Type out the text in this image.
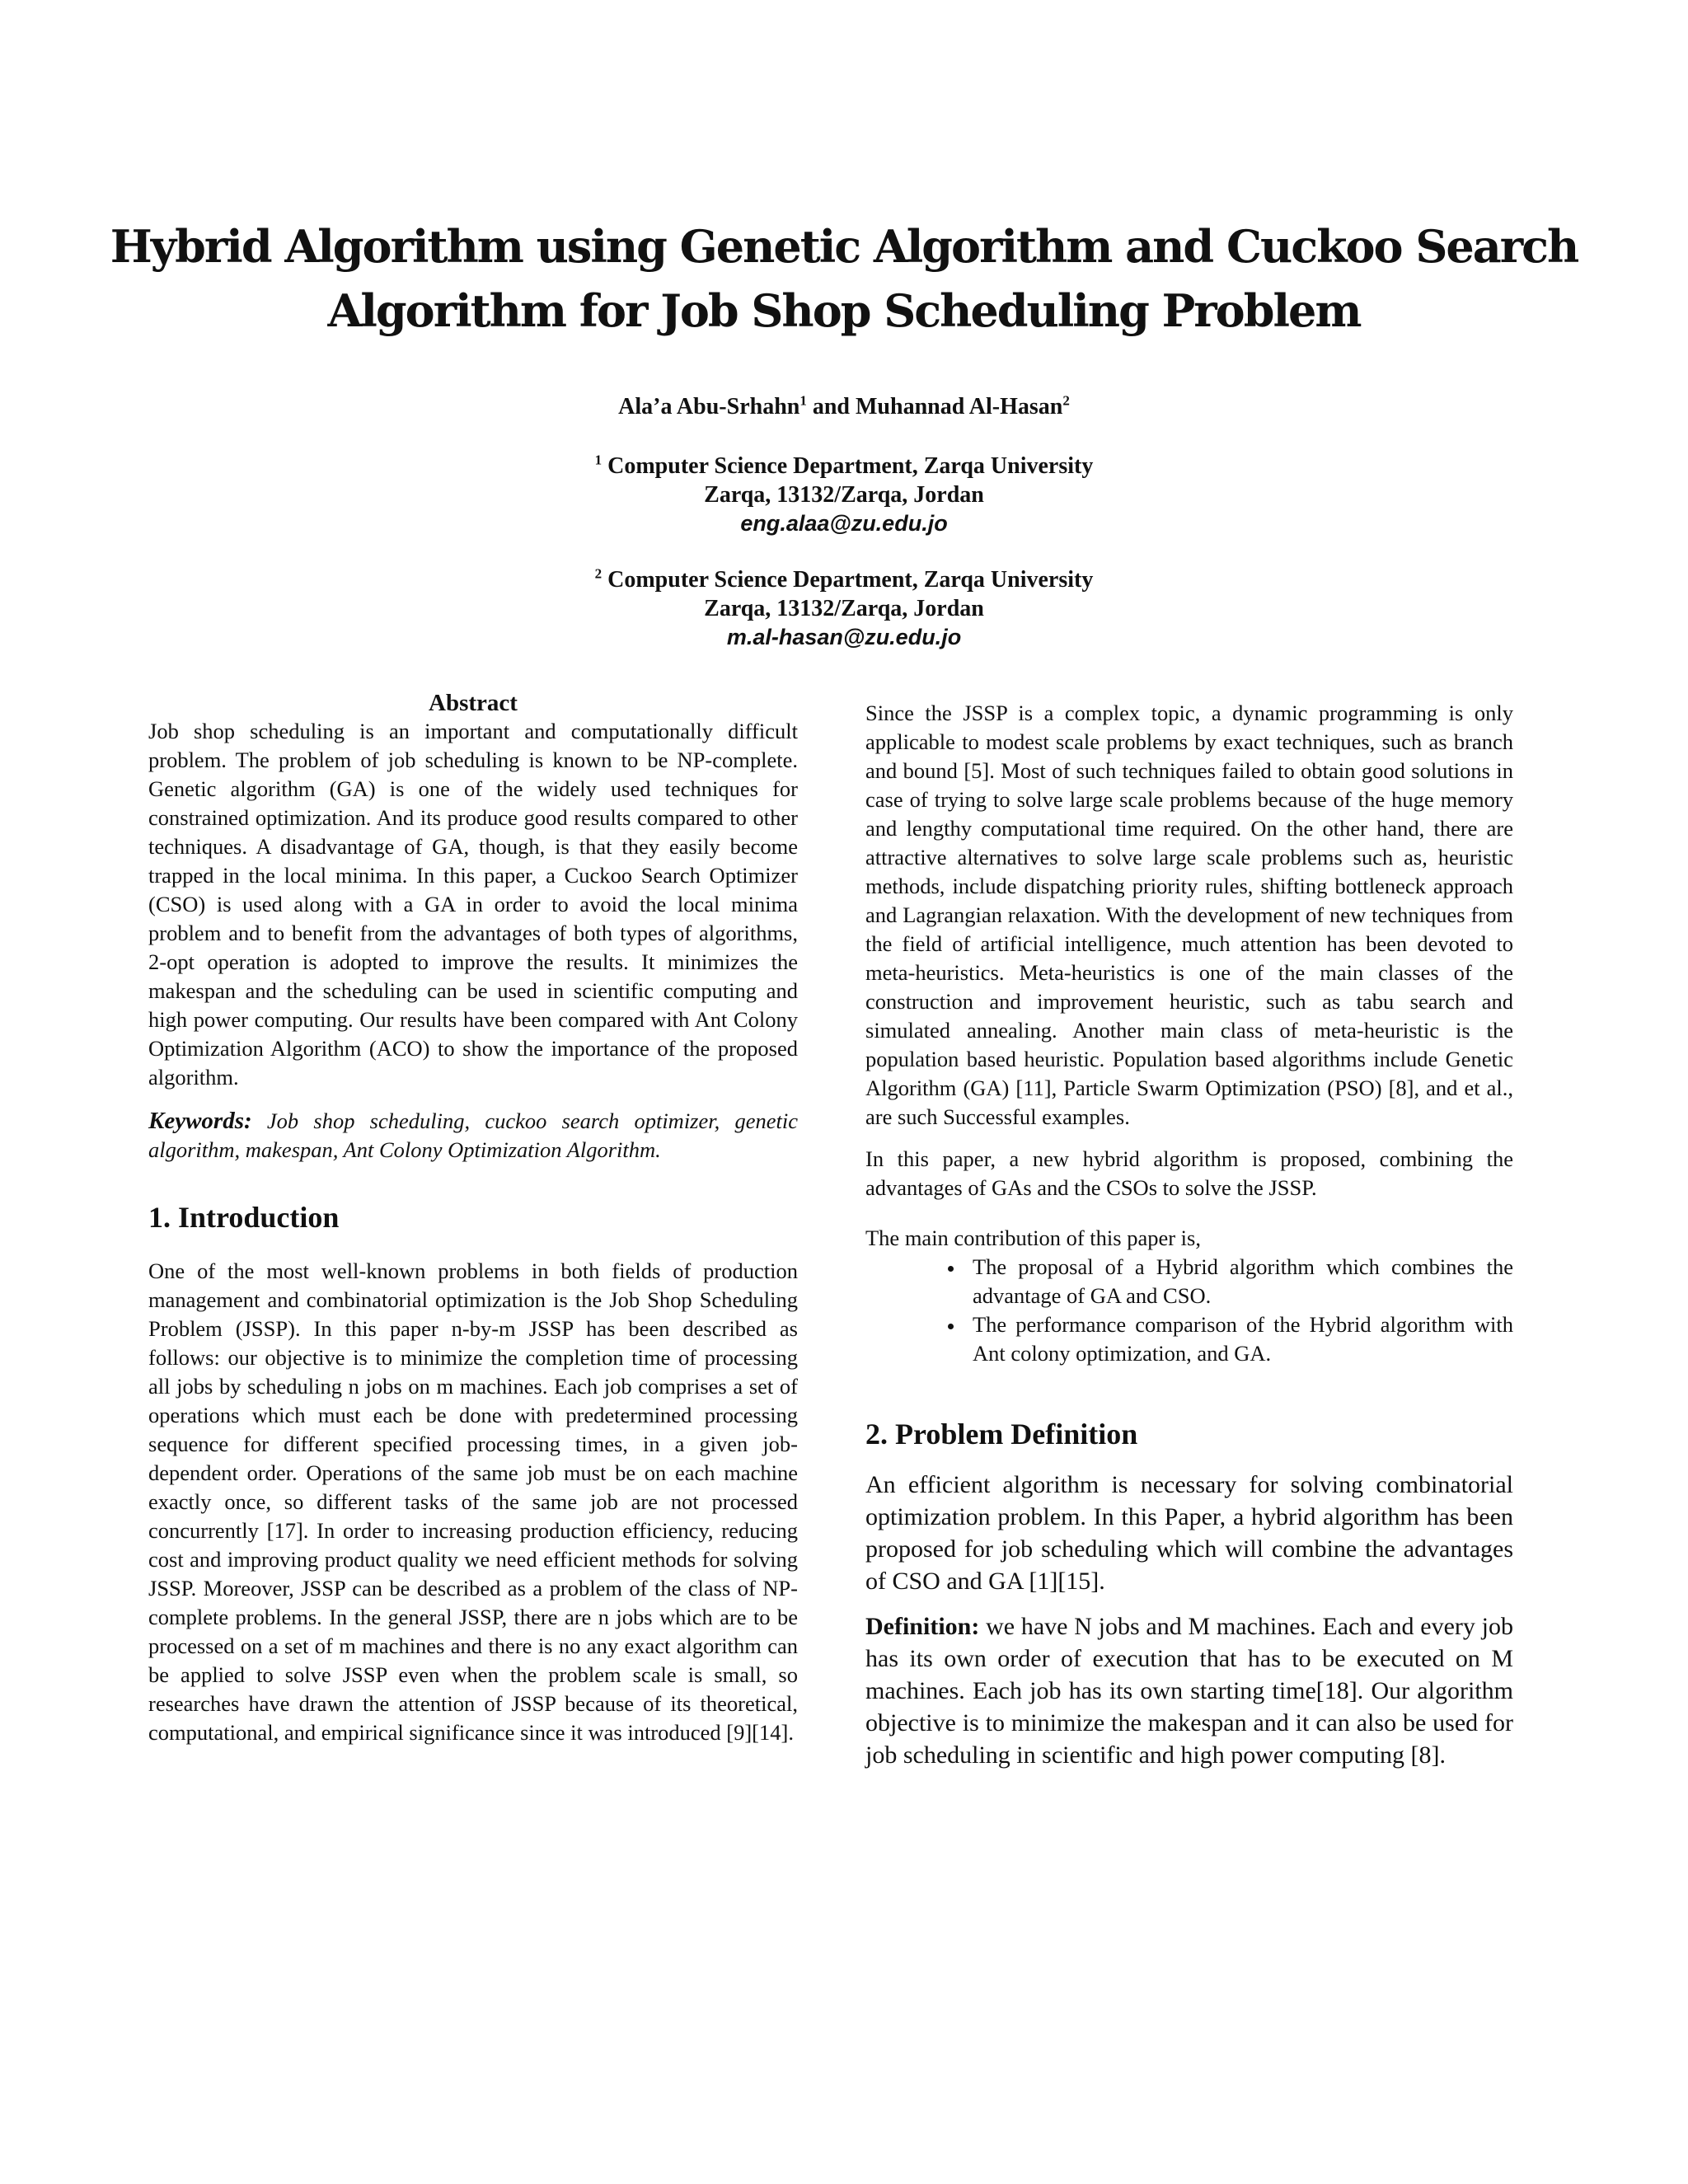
Hybrid Algorithm using Genetic Algorithm and Cuckoo Search
Algorithm for Job Shop Scheduling Problem
Ala’a Abu-Srhahn$^1$ and Muhannad Al-Hasan$^2$
$^1$ Computer Science Department, Zarqa University
Zarqa, 13132/Zarqa, Jordan
eng.alaa@zu.edu.jo
$^2$ Computer Science Department, Zarqa University
Zarqa, 13132/Zarqa, Jordan
m.al-hasan@zu.edu.jo
Abstract

Job shop scheduling is an important and computationally difficult problem. The problem of job scheduling is known to be NP-complete. Genetic algorithm (GA) is one of the widely used techniques for constrained optimization. And its produce good results compared to other techniques. A disadvantage of GA, though, is that they easily become trapped in the local minima. In this paper, a Cuckoo Search Optimizer (CSO) is used along with a GA in order to avoid the local minima problem and to benefit from the advantages of both types of algorithms, 2-opt operation is adopted to improve the results. It minimizes the makespan and the scheduling can be used in scientific computing and high power computing. Our results have been compared with Ant Colony Optimization Algorithm (ACO) to show the importance of the proposed algorithm.

Keywords: Job shop scheduling, cuckoo search optimizer, genetic algorithm, makespan, Ant Colony Optimization Algorithm.

1. Introduction

One of the most well-known problems in both fields of production management and combinatorial optimization is the Job Shop Scheduling Problem (JSSP). In this paper n-by-m JSSP has been described as follows: our objective is to minimize the completion time of processing all jobs by scheduling n jobs on m machines. Each job comprises a set of operations which must each be done with predetermined processing sequence for different specified processing times, in a given job-dependent order. Operations of the same job must be on each machine exactly once, so different tasks of the same job are not processed concurrently [17]. In order to increasing production efficiency, reducing cost and improving product quality we need efficient methods for solving JSSP. Moreover, JSSP can be described as a problem of the class of NP-complete problems. In the general JSSP, there are n jobs which are to be processed on a set of m machines and there is no any exact algorithm can be applied to solve JSSP even when the problem scale is small, so researches have drawn the attention of JSSP because of its theoretical, computational, and empirical significance since it was introduced [9][14].

Since the JSSP is a complex topic, a dynamic programming is only applicable to modest scale problems by exact techniques, such as branch and bound [5]. Most of such techniques failed to obtain good solutions in case of trying to solve large scale problems because of the huge memory and lengthy computational time required. On the other hand, there are attractive alternatives to solve large scale problems such as, heuristic methods, include dispatching priority rules, shifting bottleneck approach and Lagrangian relaxation. With the development of new techniques from the field of artificial intelligence, much attention has been devoted to meta-heuristics. Meta-heuristics is one of the main classes of the construction and improvement heuristic, such as tabu search and simulated annealing. Another main class of meta-heuristic is the population based heuristic. Population based algorithms include Genetic Algorithm (GA) [11], Particle Swarm Optimization (PSO) [8], and et al., are such Successful examples.

In this paper, a new hybrid algorithm is proposed, combining the advantages of GAs and the CSOs to solve the JSSP.

The main contribution of this paper is,

• The proposal of a Hybrid algorithm which combines the advantage of GA and CSO.
• The performance comparison of the Hybrid algorithm with Ant colony optimization, and GA.
2. Problem Definition

An efficient algorithm is necessary for solving combinatorial optimization problem. In this Paper, a hybrid algorithm has been proposed for job scheduling which will combine the advantages of CSO and GA [1][15].

Definition: we have N jobs and M machines. Each and every job has its own order of execution that has to be executed on M machines. Each job has its own starting time[18]. Our algorithm objective is to minimize the makespan and it can also be used for job scheduling in scientific and high power computing [8].
